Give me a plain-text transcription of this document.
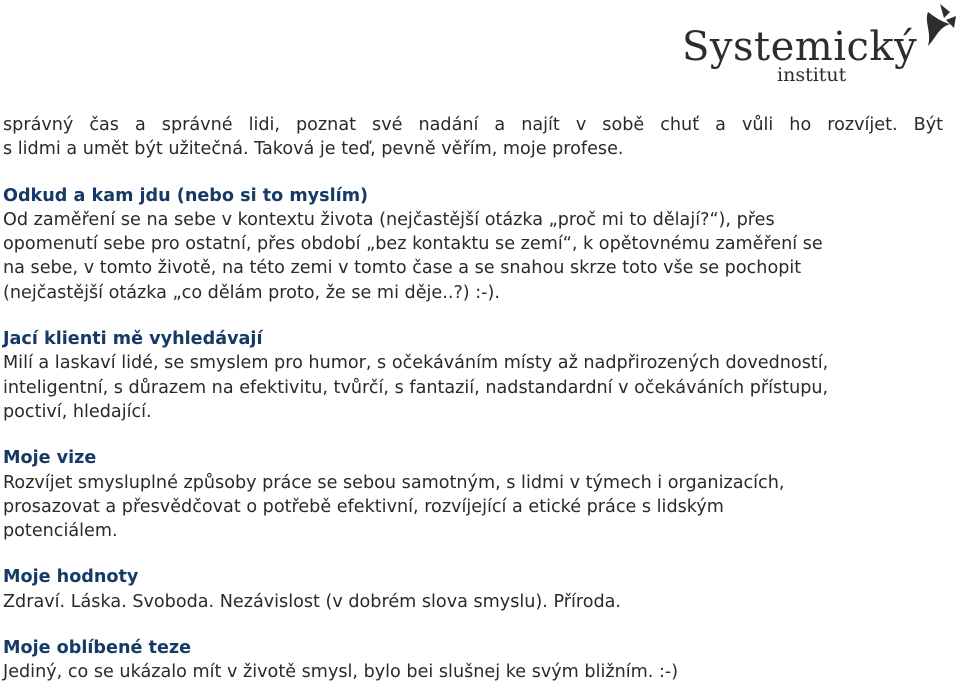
Systemický
institut

správný čas a správné lidi, poznat své nadání a najít v sobě chuť a vůli ho rozvíjet. Být

s lidmi a umět být užitečná. Taková je teď, pevně věřím, moje profese.

Odkud a kam jdu (nebo si to myslím)

Od zaměření se na sebe v kontextu života (nejčastější otázka „proč mi to dělají?“), přes

opomenutí sebe pro ostatní, přes období „bez kontaktu se zemí“, k opětovnému zaměření se

na sebe, v tomto životě, na této zemi v tomto čase a se snahou skrze toto vše se pochopit

(nejčastější otázka „co dělám proto, že se mi děje..?) :-).

Jací klienti mě vyhledávají

Milí a laskaví lidé, se smyslem pro humor, s očekáváním místy až nadpřirozených dovedností,

inteligentní, s důrazem na efektivitu, tvůrčí, s fantazií, nadstandardní v očekáváních přístupu,

poctiví, hledající.

Moje vize

Rozvíjet smysluplné způsoby práce se sebou samotným, s lidmi v týmech i organizacích,

prosazovat a přesvědčovat o potřebě efektivní, rozvíjející a etické práce s lidským

potenciálem.

Moje hodnoty

Zdraví. Láska. Svoboda. Nezávislost (v dobrém slova smyslu). Příroda.

Moje oblíbené teze

Jediný, co se ukázalo mít v životě smysl, bylo bei slušnej ke svým bližním. :-)
